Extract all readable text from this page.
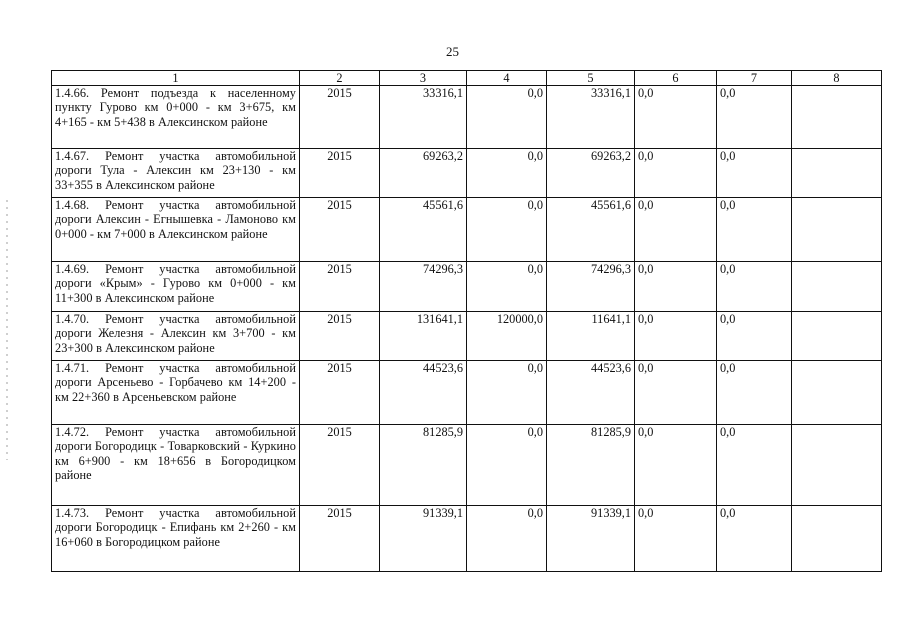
25
1	2	3	4	5	6	7	8
1.4.66. Ремонт подъезда к населенному пункту Гурово км 0+000 - км 3+675, км 4+165 - км 5+438 в Алексинском районе	2015	33316,1	0,0	33316,1	0,0	0,0	
1.4.67. Ремонт участка автомобильной дороги Тула - Алексин км 23+130 - км 33+355 в Алексинском районе	2015	69263,2	0,0	69263,2	0,0	0,0	
1.4.68. Ремонт участка автомобильной дороги Алексин - Егнышевка - Ламоново км 0+000 - км 7+000 в Алексинском районе	2015	45561,6	0,0	45561,6	0,0	0,0	
1.4.69. Ремонт участка автомобильной дороги «Крым» - Гурово км 0+000 - км 11+300 в Алексинском районе	2015	74296,3	0,0	74296,3	0,0	0,0	
1.4.70. Ремонт участка автомобильной дороги Железня - Алексин км 3+700 - км 23+300 в Алексинском районе	2015	131641,1	120000,0	11641,1	0,0	0,0	
1.4.71. Ремонт участка автомобильной дороги Арсеньево - Горбачево км 14+200 - км 22+360 в Арсеньевском районе	2015	44523,6	0,0	44523,6	0,0	0,0	
1.4.72. Ремонт участка автомобильной дороги Богородицк - Товарковский - Куркино км 6+900 - км 18+656 в Богородицком районе	2015	81285,9	0,0	81285,9	0,0	0,0	
1.4.73. Ремонт участка автомобильной дороги Богородицк - Епифань км 2+260 - км 16+060 в Богородицком районе	2015	91339,1	0,0	91339,1	0,0	0,0	
